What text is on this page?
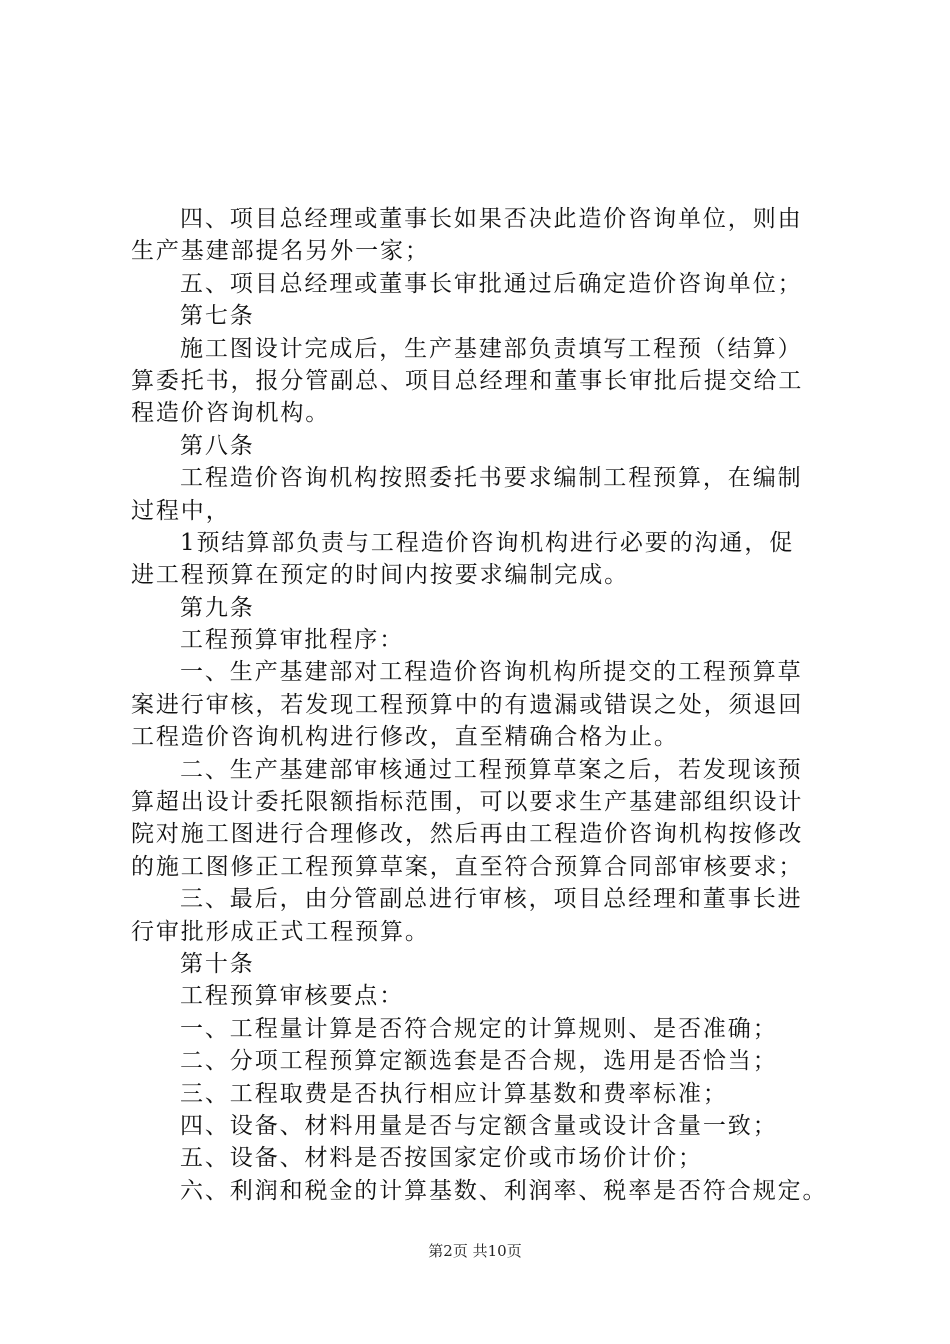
四、项目总经理或董事长如果否决此造价咨询单位，则由
生产基建部提名另外一家；
五、项目总经理或董事长审批通过后确定造价咨询单位；
第七条
施工图设计完成后，生产基建部负责填写工程预（结算）
算委托书，报分管副总、项目总经理和董事长审批后提交给工
程造价咨询机构。
第八条
工程造价咨询机构按照委托书要求编制工程预算，在编制
过程中，
1预结算部负责与工程造价咨询机构进行必要的沟通，促
进工程预算在预定的时间内按要求编制完成。
第九条
工程预算审批程序：
一、生产基建部对工程造价咨询机构所提交的工程预算草
案进行审核，若发现工程预算中的有遗漏或错误之处，须退回
工程造价咨询机构进行修改，直至精确合格为止。
二、生产基建部审核通过工程预算草案之后，若发现该预
算超出设计委托限额指标范围，可以要求生产基建部组织设计
院对施工图进行合理修改，然后再由工程造价咨询机构按修改
的施工图修正工程预算草案，直至符合预算合同部审核要求；
三、最后，由分管副总进行审核，项目总经理和董事长进
行审批形成正式工程预算。
第十条
工程预算审核要点：
一、工程量计算是否符合规定的计算规则、是否准确；
二、分项工程预算定额选套是否合规，选用是否恰当；
三、工程取费是否执行相应计算基数和费率标准；
四、设备、材料用量是否与定额含量或设计含量一致；
五、设备、材料是否按国家定价或市场价计价；
六、利润和税金的计算基数、利润率、税率是否符合规定。
第2页 共10页
